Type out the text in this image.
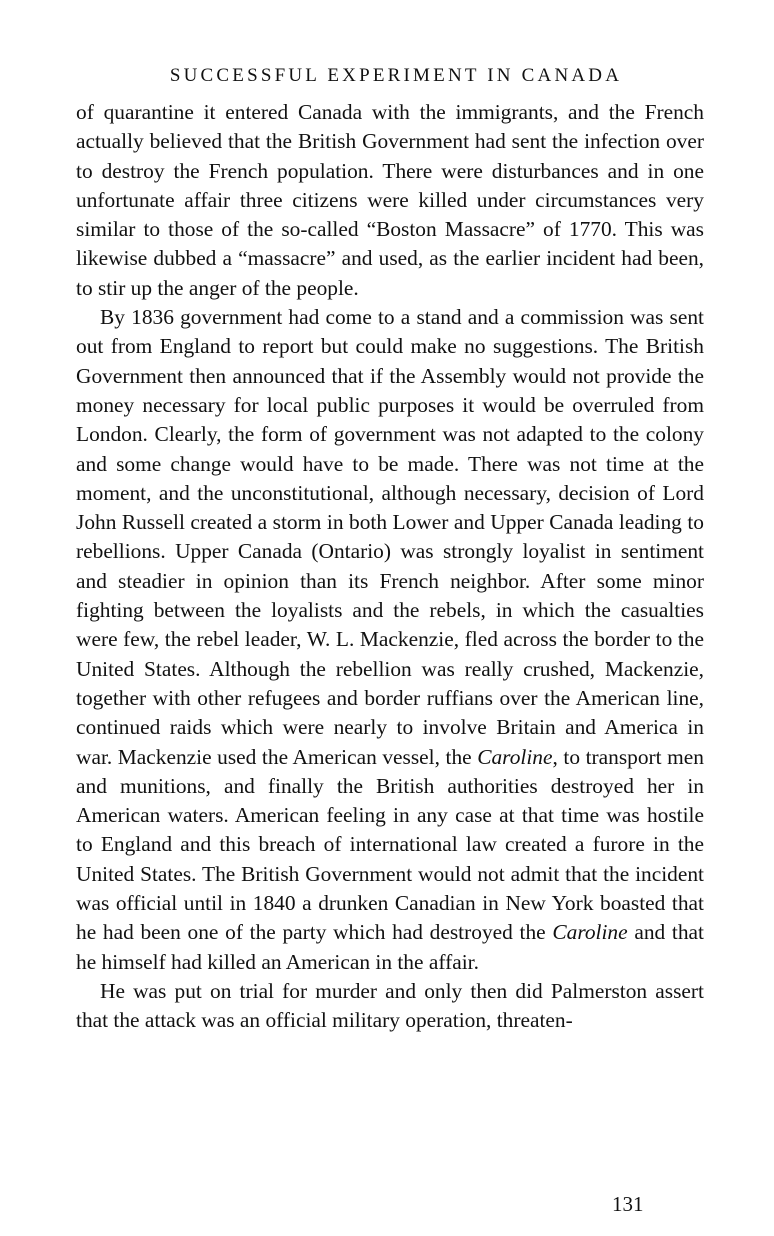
SUCCESSFUL EXPERIMENT IN CANADA

of quarantine it entered Canada with the immigrants, and the French actually believed that the British Government had sent the infection over to destroy the French population. There were disturbances and in one unfortunate affair three citizens were killed under circumstances very similar to those of the so-called “Boston Massacre” of 1770. This was likewise dubbed a “massacre” and used, as the earlier incident had been, to stir up the anger of the people.

By 1836 government had come to a stand and a commission was sent out from England to report but could make no suggestions. The British Government then announced that if the Assembly would not provide the money necessary for local public purposes it would be overruled from London. Clearly, the form of government was not adapted to the colony and some change would have to be made. There was not time at the moment, and the unconstitutional, although necessary, decision of Lord John Russell created a storm in both Lower and Upper Canada leading to rebellions. Upper Canada (Ontario) was strongly loyalist in sentiment and steadier in opinion than its French neighbor. After some minor fighting between the loyalists and the rebels, in which the casualties were few, the rebel leader, W. L. Mackenzie, fled across the border to the United States. Although the rebellion was really crushed, Mackenzie, together with other refugees and border ruffians over the American line, continued raids which were nearly to involve Britain and America in war. Mackenzie used the American vessel, the Caroline, to transport men and munitions, and finally the British authorities destroyed her in American waters. American feeling in any case at that time was hostile to England and this breach of international law created a furore in the United States. The British Government would not admit that the incident was official until in 1840 a drunken Canadian in New York boasted that he had been one of the party which had destroyed the Caroline and that he himself had killed an American in the affair.

He was put on trial for murder and only then did Palmerston assert that the attack was an official military operation, threaten-

131
